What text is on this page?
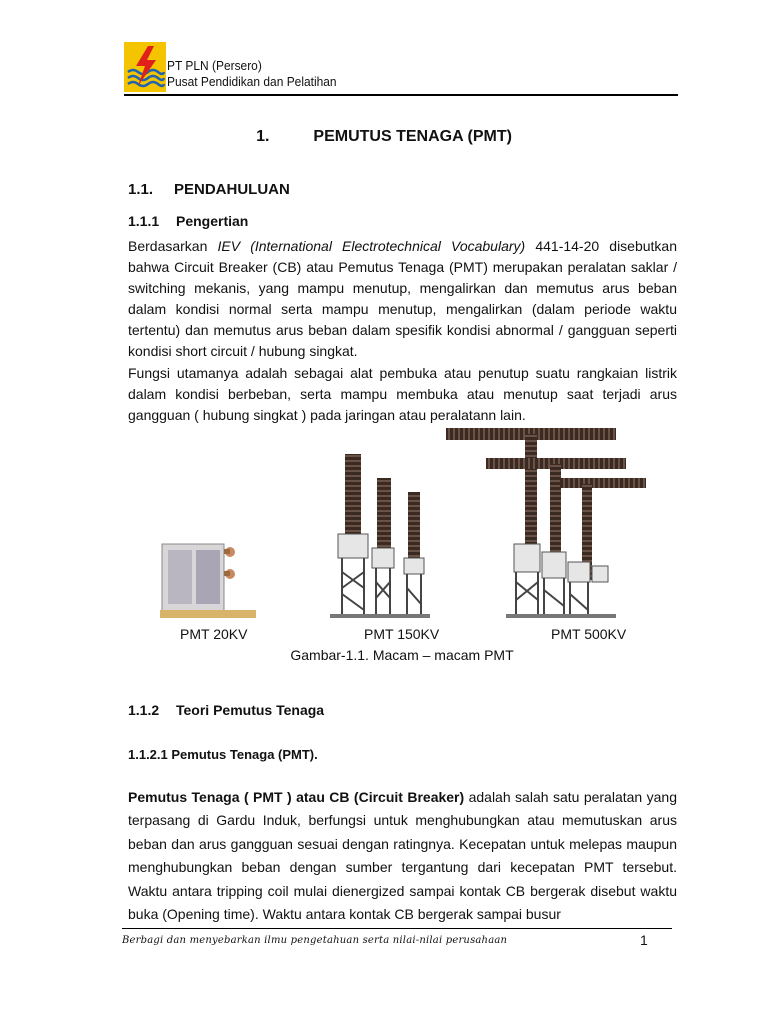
PT PLN (Persero)
Pusat Pendidikan dan Pelatihan
1.	PEMUTUS TENAGA (PMT)
1.1. PENDAHULUAN
1.1.1 Pengertian

Berdasarkan IEV (International Electrotechnical Vocabulary) 441-14-20 disebutkan bahwa Circuit Breaker (CB) atau Pemutus Tenaga (PMT) merupakan peralatan saklar / switching mekanis, yang mampu menutup, mengalirkan dan memutus arus beban dalam kondisi normal serta mampu menutup, mengalirkan (dalam periode waktu tertentu) dan memutus arus beban dalam spesifik kondisi abnormal / gangguan seperti kondisi short circuit / hubung singkat.

Fungsi utamanya adalah sebagai alat pembuka atau penutup suatu rangkaian listrik dalam kondisi berbeban, serta mampu membuka atau menutup saat terjadi arus gangguan ( hubung singkat ) pada jaringan atau peralatann lain.

PMT 20KV	PMT 150KV	PMT 500KV
Gambar-1.1. Macam – macam PMT
1.1.2 Teori Pemutus Tenaga
1.1.2.1 Pemutus Tenaga (PMT).

Pemutus Tenaga ( PMT ) atau CB (Circuit Breaker) adalah salah satu peralatan yang terpasang di Gardu Induk, berfungsi untuk menghubungkan atau memutuskan arus beban dan arus gangguan sesuai dengan ratingnya. Kecepatan untuk melepas maupun menghubungkan beban dengan sumber tergantung dari kecepatan PMT tersebut. Waktu antara tripping coil mulai dienergized sampai kontak CB bergerak disebut waktu buka (Opening time). Waktu antara kontak CB bergerak sampai busur

Berbagi dan menyebarkan ilmu pengetahuan serta nilai-nilai perusahaan	1
